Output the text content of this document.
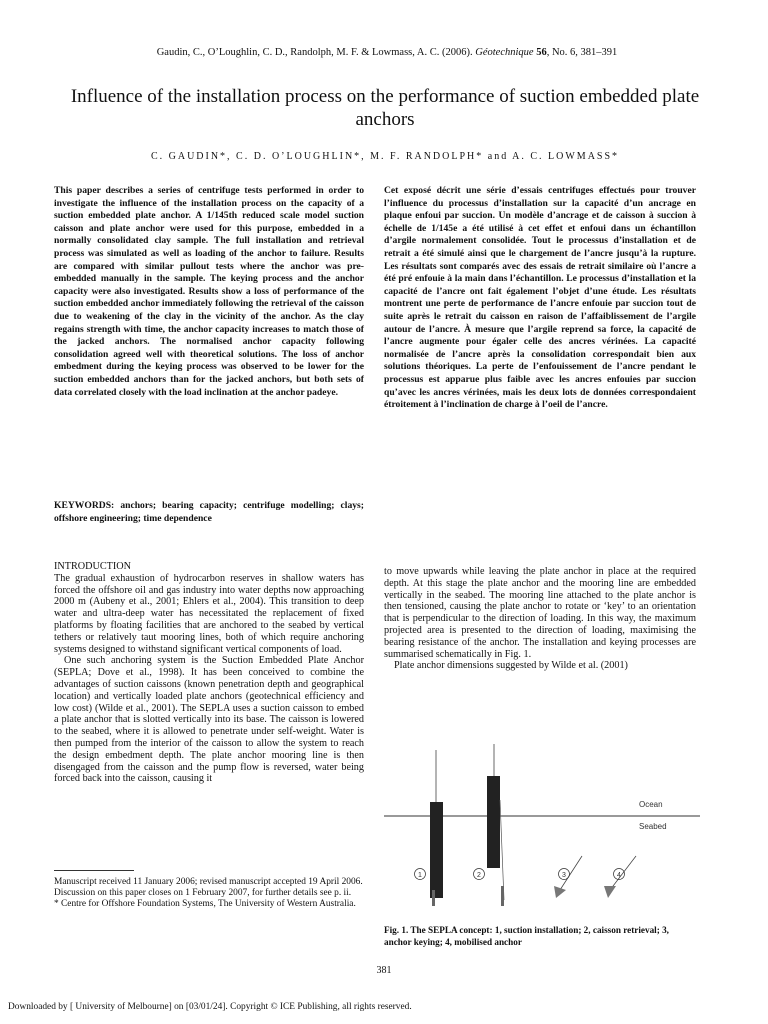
Gaudin, C., O’Loughlin, C. D., Randolph, M. F. & Lowmass, A. C. (2006). Géotechnique 56, No. 6, 381–391
Influence of the installation process on the performance of suction embedded plate anchors
C. GAUDIN*, C. D. O’LOUGHLIN*, M. F. RANDOLPH* and A. C. LOWMASS*
This paper describes a series of centrifuge tests performed in order to investigate the influence of the installation process on the capacity of a suction embedded plate anchor. A 1/145th reduced scale model suction caisson and plate anchor were used for this purpose, embedded in a normally consolidated clay sample. The full installation and retrieval process was simulated as well as loading of the anchor to failure. Results are compared with similar pullout tests where the anchor was pre-embedded manually in the sample. The keying process and the anchor capacity were also investigated. Results show a loss of performance of the suction embedded anchor immediately following the retrieval of the caisson due to weakening of the clay in the vicinity of the anchor. As the clay regains strength with time, the anchor capacity increases to match those of the jacked anchors. The normalised anchor capacity following consolidation agreed well with theoretical solutions. The loss of anchor embedment during the keying process was observed to be lower for the suction embedded anchors than for the jacked anchors, but both sets of data correlated closely with the load inclination at the anchor padeye.
Cet exposé décrit une série d’essais centrifuges effectués pour trouver l’influence du processus d’installation sur la capacité d’un ancrage en plaque enfoui par succion. Un modèle d’ancrage et de caisson à succion à échelle de 1/145e a été utilisé à cet effet et enfoui dans un échantillon d’argile normalement consolidée. Tout le processus d’installation et de retrait a été simulé ainsi que le chargement de l’ancre jusqu’à la rupture. Les résultats sont comparés avec des essais de retrait similaire où l’ancre a été pré enfouie à la main dans l’échantillon. Le processus d’installation et la capacité de l’ancre ont fait également l’objet d’une étude. Les résultats montrent une perte de performance de l’ancre enfouie par succion tout de suite après le retrait du caisson en raison de l’affaiblissement de l’argile autour de l’ancre. À mesure que l’argile reprend sa force, la capacité de l’ancre augmente pour égaler celle des ancres vérinées. La capacité normalisée de l’ancre après la consolidation correspondait bien aux solutions théoriques. La perte de l’enfouissement de l’ancre pendant le processus est apparue plus faible avec les ancres enfouies par succion qu’avec les ancres vérinées, mais les deux lots de données correspondaient étroitement à l’inclination de charge à l’oeil de l’ancre.
KEYWORDS: anchors; bearing capacity; centrifuge modelling; clays; offshore engineering; time dependence
INTRODUCTION

The gradual exhaustion of hydrocarbon reserves in shallow waters has forced the offshore oil and gas industry into water depths now approaching 2000 m (Aubeny et al., 2001; Ehlers et al., 2004). This transition to deep water and ultra-deep water has necessitated the replacement of fixed platforms by floating facilities that are anchored to the seabed by vertical tethers or relatively taut mooring lines, both of which require anchoring systems designed to withstand significant vertical components of load.

One such anchoring system is the Suction Embedded Plate Anchor (SEPLA; Dove et al., 1998). It has been conceived to combine the advantages of suction caissons (known penetration depth and geographical location) and vertically loaded plate anchors (geotechnical efficiency and low cost) (Wilde et al., 2001). The SEPLA uses a suction caisson to embed a plate anchor that is slotted vertically into its base. The caisson is lowered to the seabed, where it is allowed to penetrate under self-weight. Water is then pumped from the interior of the caisson to allow the system to reach the design embedment depth. The plate anchor mooring line is then disengaged from the caisson and the pump flow is reversed, water being forced back into the caisson, causing it

Manuscript received 11 January 2006; revised manuscript accepted 19 April 2006.

Discussion on this paper closes on 1 February 2007, for further details see p. ii.

* Centre for Offshore Foundation Systems, The University of Western Australia.

to move upwards while leaving the plate anchor in place at the required depth. At this stage the plate anchor and the mooring line are embedded vertically in the seabed. The mooring line attached to the plate anchor is then tensioned, causing the plate anchor to rotate or ‘key’ to an orientation that is perpendicular to the direction of loading. In this way, the maximum projected area is presented to the direction of loading, maximising the bearing resistance of the anchor. The installation and keying processes are summarised schematically in Fig. 1.

Plate anchor dimensions suggested by Wilde et al. (2001)

Ocean
Seabed
1	2	3	4
Fig. 1. The SEPLA concept: 1, suction installation; 2, caisson retrieval; 3, anchor keying; 4, mobilised anchor
381
Downloaded by [ University of Melbourne] on [03/01/24]. Copyright © ICE Publishing, all rights reserved.
